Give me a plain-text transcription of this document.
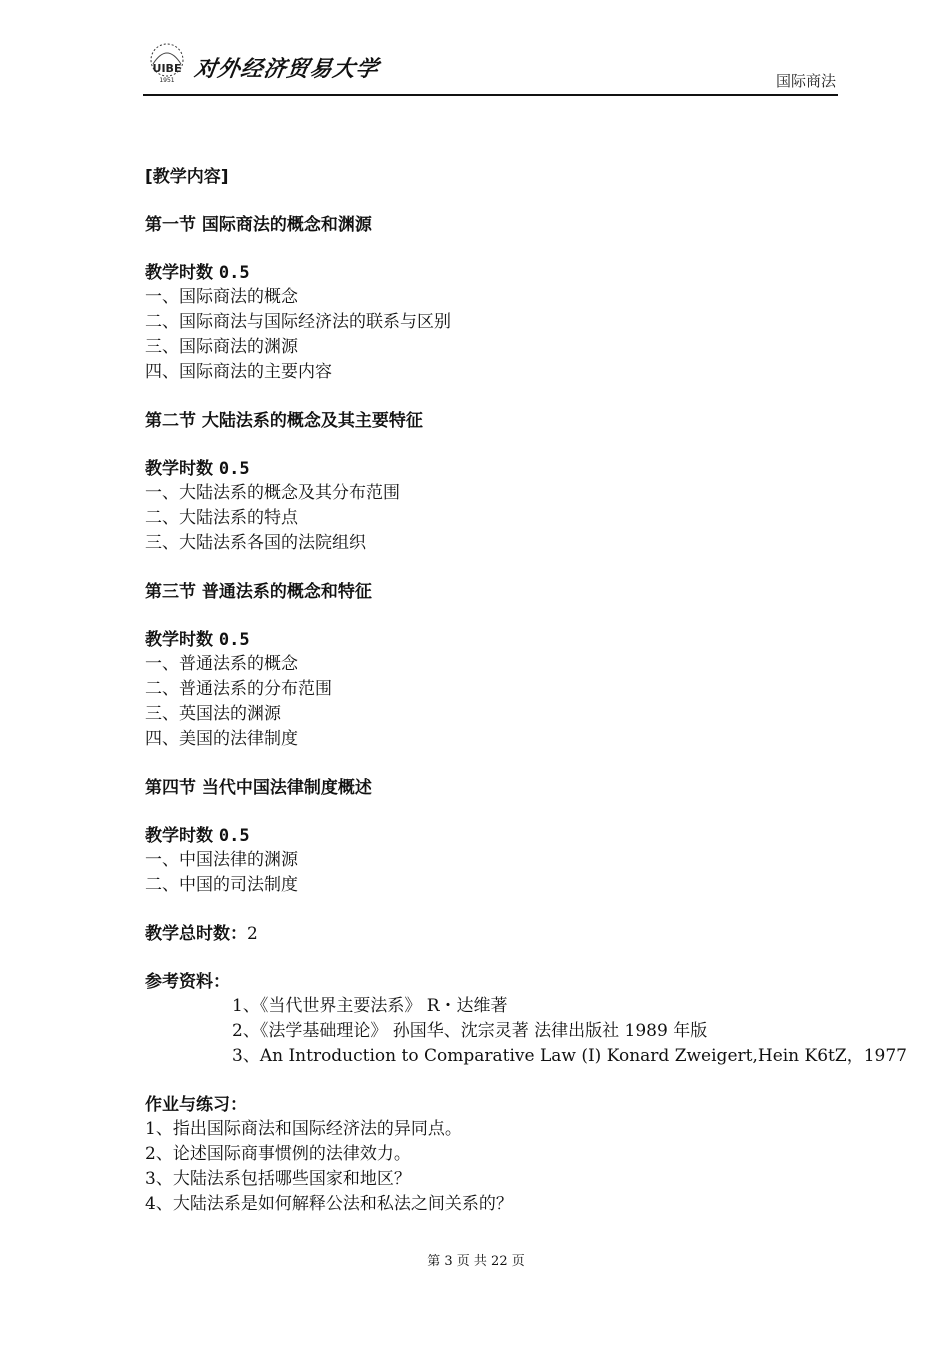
UIBE
1951 对外经济贸易大学	国际商法
[教学内容]
第一节 国际商法的概念和渊源
教学时数 0.5
一、国际商法的概念
二、国际商法与国际经济法的联系与区别
三、国际商法的渊源
四、国际商法的主要内容
第二节 大陆法系的概念及其主要特征
教学时数 0.5
一、大陆法系的概念及其分布范围
二、大陆法系的特点
三、大陆法系各国的法院组织
第三节 普通法系的概念和特征
教学时数 0.5
一、普通法系的概念
二、普通法系的分布范围
三、英国法的渊源
四、美国的法律制度
第四节 当代中国法律制度概述
教学时数 0.5
一、中国法律的渊源
二、中国的司法制度
教学总时数：2
参考资料：
1、《当代世界主要法系》 R・达维著
2、《法学基础理论》 孙国华、沈宗灵著 法律出版社 1989 年版
3、An Introduction to Comparative Law (I) Konard Zweigert,Hein K6tZ，1977
作业与练习：
1、指出国际商法和国际经济法的异同点。
2、论述国际商事惯例的法律效力。
3、大陆法系包括哪些国家和地区？
4、大陆法系是如何解释公法和私法之间关系的？
第 3 页 共 22 页
